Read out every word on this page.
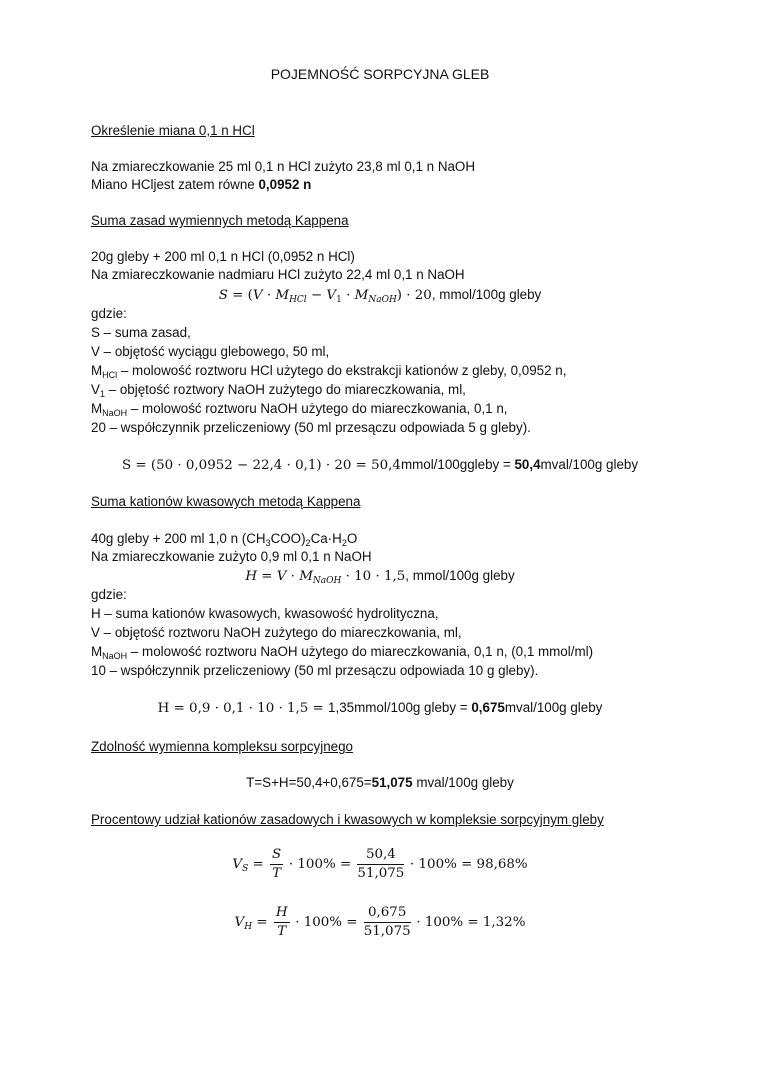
POJEMNOŚĆ SORPCYJNA GLEB
Określenie miana 0,1 n HCl
Na zmiareczkowanie 25 ml 0,1 n HCl zużyto 23,8 ml 0,1 n NaOH
Miano HCljest zatem równe 0,0952 n
Suma zasad wymiennych metodą Kappena
20g gleby + 200 ml 0,1 n HCl (0,0952 n HCl)
Na zmiareczkowanie nadmiaru HCl zużyto 22,4 ml 0,1 n NaOH
$S = (V \cdot M_{HCl} - V_1 \cdot M_{NaOH}) \cdot 20$, mmol/100g gleby
gdzie:
S – suma zasad,
V – objętość wyciągu glebowego, 50 ml,
$M_{HCl}$ – molowość roztworu HCl użytego do ekstrakcji kationów z gleby, 0,0952 n,
$V_1$ – objętość roztwory NaOH zużytego do miareczkowania, ml,
$M_{NaOH}$ – molowość roztworu NaOH użytego do miareczkowania, 0,1 n,
20 – współczynnik przeliczeniowy (50 ml przesączu odpowiada 5 g gleby).
S = (50 · 0,0952 − 22,4 · 0,1) · 20 = 50,4mmol/100ggleby = 50,4mval/100g gleby
Suma kationów kwasowych metodą Kappena
40g gleby + 200 ml 1,0 n $(CH_3COO)_2Ca\cdot H_2O$
Na zmiareczkowanie zużyto 0,9 ml 0,1 n NaOH
$H = V \cdot M_{NaOH} \cdot 10 \cdot 1,5$, mmol/100g gleby
gdzie:
H – suma kationów kwasowych, kwasowość hydrolityczna,
V – objętość roztworu NaOH zużytego do miareczkowania, ml,
$M_{NaOH}$ – molowość roztworu NaOH użytego do miareczkowania, 0,1 n, (0,1 mmol/ml)
10 – współczynnik przeliczeniowy (50 ml przesączu odpowiada 10 g gleby).
H = 0,9 · 0,1 · 10 · 1,5 = 1,35mmol/100g gleby = 0,675mval/100g gleby
Zdolność wymienna kompleksu sorpcyjnego
T=S+H=50,4+0,675=51,075 mval/100g gleby
Procentowy udział kationów zasadowych i kwasowych w kompleksie sorpcyjnym gleby
$V_S = \frac{S}{T} \cdot 100\% = \frac{50,4}{51,075} \cdot 100\% = 98,68\%$
$V_H = \frac{H}{T} \cdot 100\% = \frac{0,675}{51,075} \cdot 100\% = 1,32\%$
